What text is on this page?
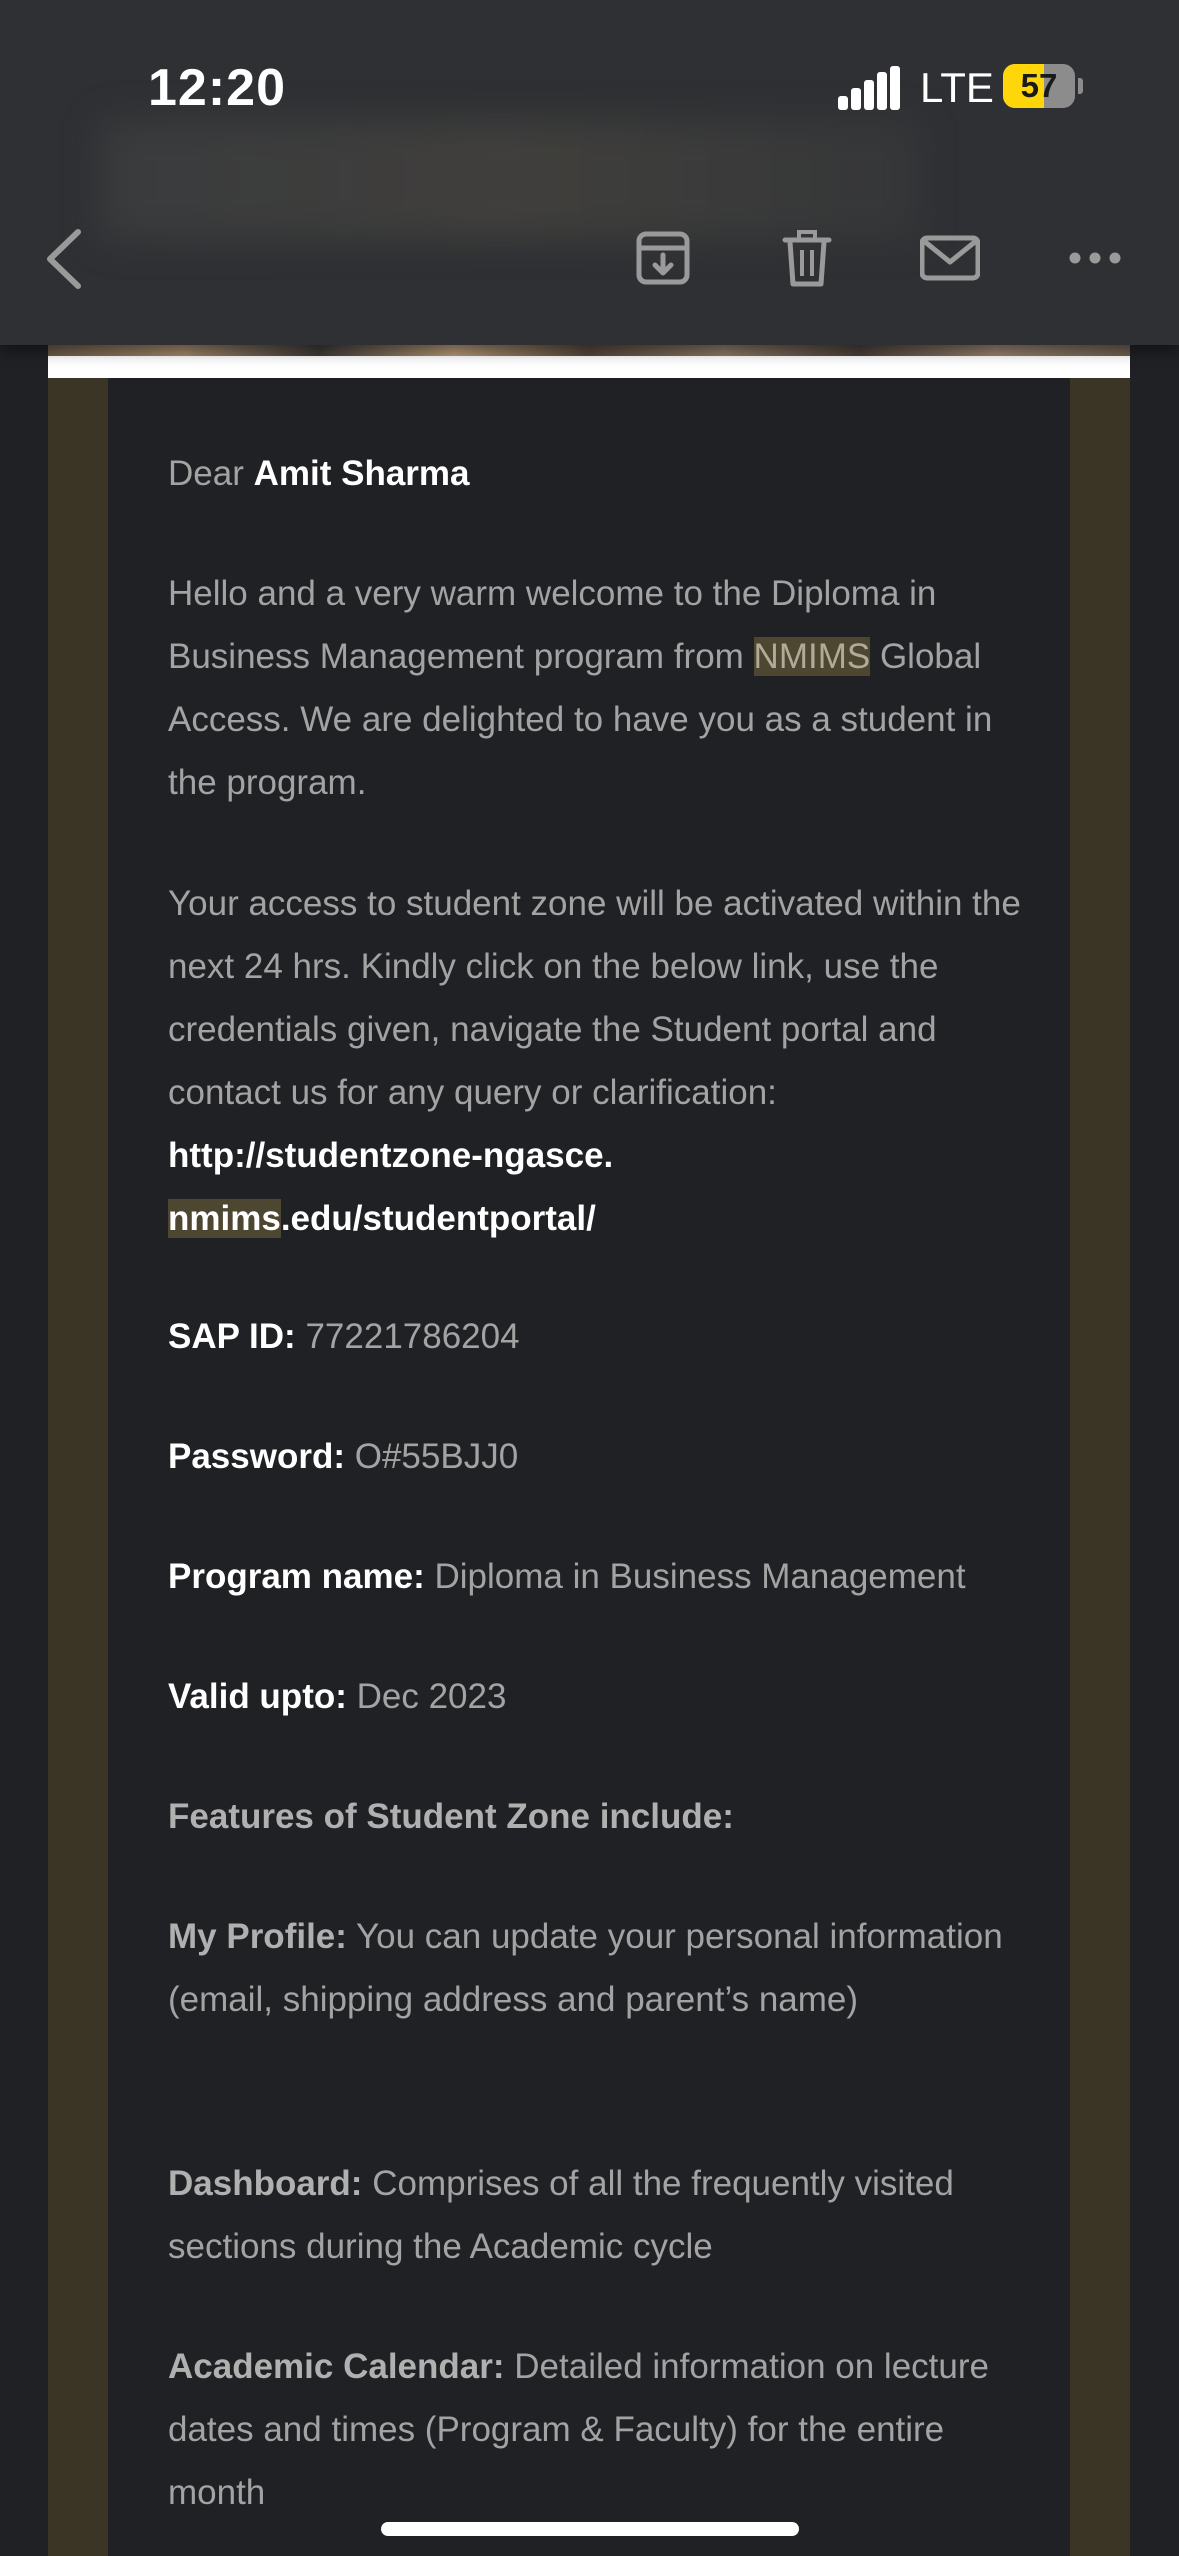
Dear Amit Sharma
Hello and a very warm welcome to the Diploma in Business Management program from NMIMS Global Access. We are delighted to have you as a student in the program.
Your access to student zone will be activated within the next 24 hrs. Kindly click on the below link, use the credentials given, navigate the Student portal and contact us for any query or clarification:
http://studentzone-ngasce.
nmims.edu/studentportal/
SAP ID: 77221786204
Password: O#55BJJ0
Program name: Diploma in Business Management
Valid upto: Dec 2023
Features of Student Zone include:
My Profile: You can update your personal information (email, shipping address and parent’s name)
Dashboard: Comprises of all the frequently visited sections during the Academic cycle
Academic Calendar: Detailed information on lecture dates and times (Program & Faculty) for the entire month
12:20	LTE 57
